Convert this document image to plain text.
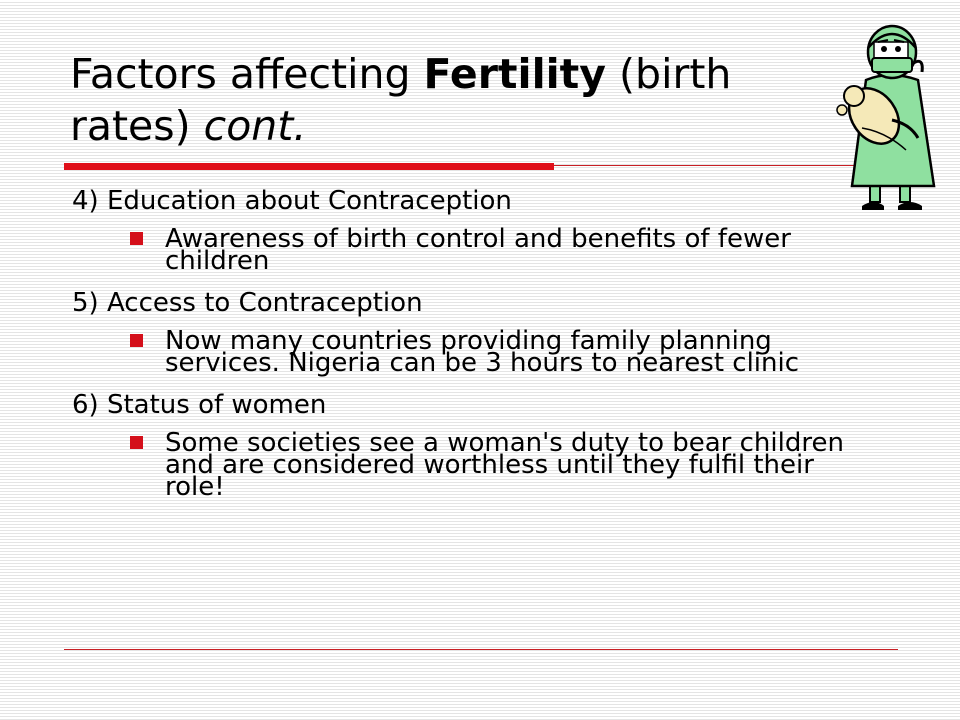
Factors affecting Fertility (birth rates) cont.
4) Education about Contraception
Awareness of birth control and benefits of fewer children
5) Access to Contraception
Now many countries providing family planning services. Nigeria can be 3 hours to nearest clinic
6) Status of women
Some societies see a woman's duty to bear children and are considered worthless until they fulfil their role!
